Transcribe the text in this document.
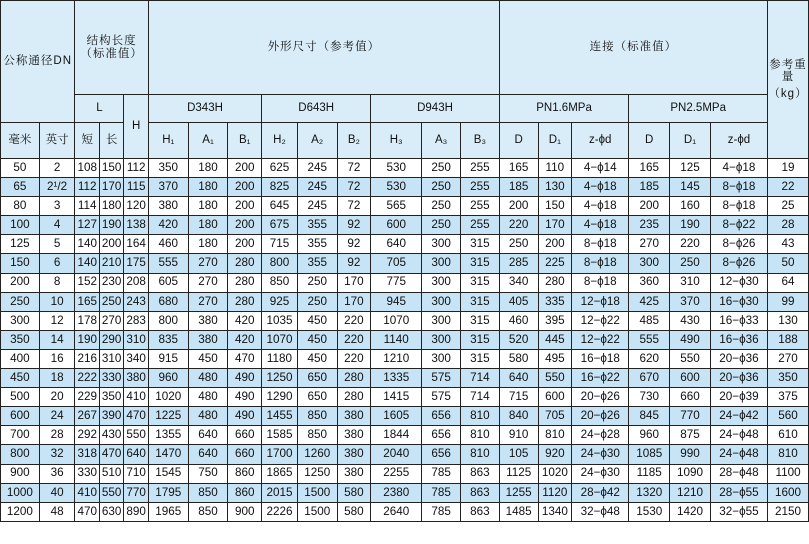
公称通径DN		结构长度（标准值）			外形尺寸（参考值）									连接（标准值）						参考重量
（kg）

		L		H	D343H			D643H			D943H			PN1.6MPa			PN2.5MPa			
毫米	英寸	短	长		H₁	A₁	B₁	H₂	A₂	B₂	H₃	A₃	B₃	D	D₁	z-ϕd	D	D₁	z-ϕd	
50	2	108	150	112	350	180	200	625	245	72	530	250	255	165	110	4−ϕ14	165	125	4−ϕ18	19
65	2¹/2	112	170	115	370	180	200	825	245	72	530	250	255	185	130	4−ϕ18	185	145	8−ϕ18	22
80	3	114	180	120	380	180	200	645	245	72	565	250	255	200	150	4−ϕ18	200	160	8−ϕ18	25
100	4	127	190	138	420	180	200	675	355	92	600	250	255	220	170	4−ϕ18	235	190	8−ϕ22	28
125	5	140	200	164	460	180	200	715	355	92	640	300	315	250	200	8−ϕ18	270	220	8−ϕ26	43
150	6	140	210	175	555	270	280	800	355	92	705	300	315	285	225	8−ϕ18	300	250	8−ϕ26	50
200	8	152	230	208	605	270	280	850	250	170	775	300	315	340	280	8−ϕ18	360	310	12−ϕ30	64
250	10	165	250	243	680	270	280	925	250	170	945	300	315	405	335	12−ϕ18	425	370	16−ϕ30	99
300	12	178	270	283	800	380	420	1035	450	220	1070	300	315	460	395	12−ϕ22	485	430	16−ϕ33	130
350	14	190	290	310	835	380	420	1070	450	220	1140	300	315	520	445	12−ϕ22	555	490	16−ϕ36	188
400	16	216	310	340	915	450	470	1180	450	220	1210	300	315	580	495	16−ϕ18	620	550	20−ϕ36	270
450	18	222	330	380	960	480	490	1250	650	280	1335	575	714	640	550	16−ϕ22	670	600	20−ϕ36	350
500	20	229	350	410	1020	480	490	1290	650	280	1415	575	714	715	600	20−ϕ26	730	660	20−ϕ39	375
600	24	267	390	470	1225	480	490	1455	850	380	1605	656	810	840	705	20−ϕ26	845	770	24−ϕ42	560
700	28	292	430	550	1355	640	660	1585	850	380	1844	656	810	910	810	24−ϕ28	960	875	24−ϕ48	610
800	32	318	470	640	1470	640	660	1700	1260	380	2040	656	810	105	920	24−ϕ30	1085	990	24−ϕ48	810
900	36	330	510	710	1545	750	860	1865	1250	380	2255	785	863	1125	1020	24−ϕ30	1185	1090	28−ϕ48	1100
1000	40	410	550	770	1795	850	860	2015	1500	580	2380	785	863	1255	1120	28−ϕ42	1320	1210	28−ϕ55	1600
1200	48	470	630	890	1965	850	900	2226	1500	580	2640	785	863	1485	1340	32−ϕ48	1530	1420	32−ϕ55	2150
